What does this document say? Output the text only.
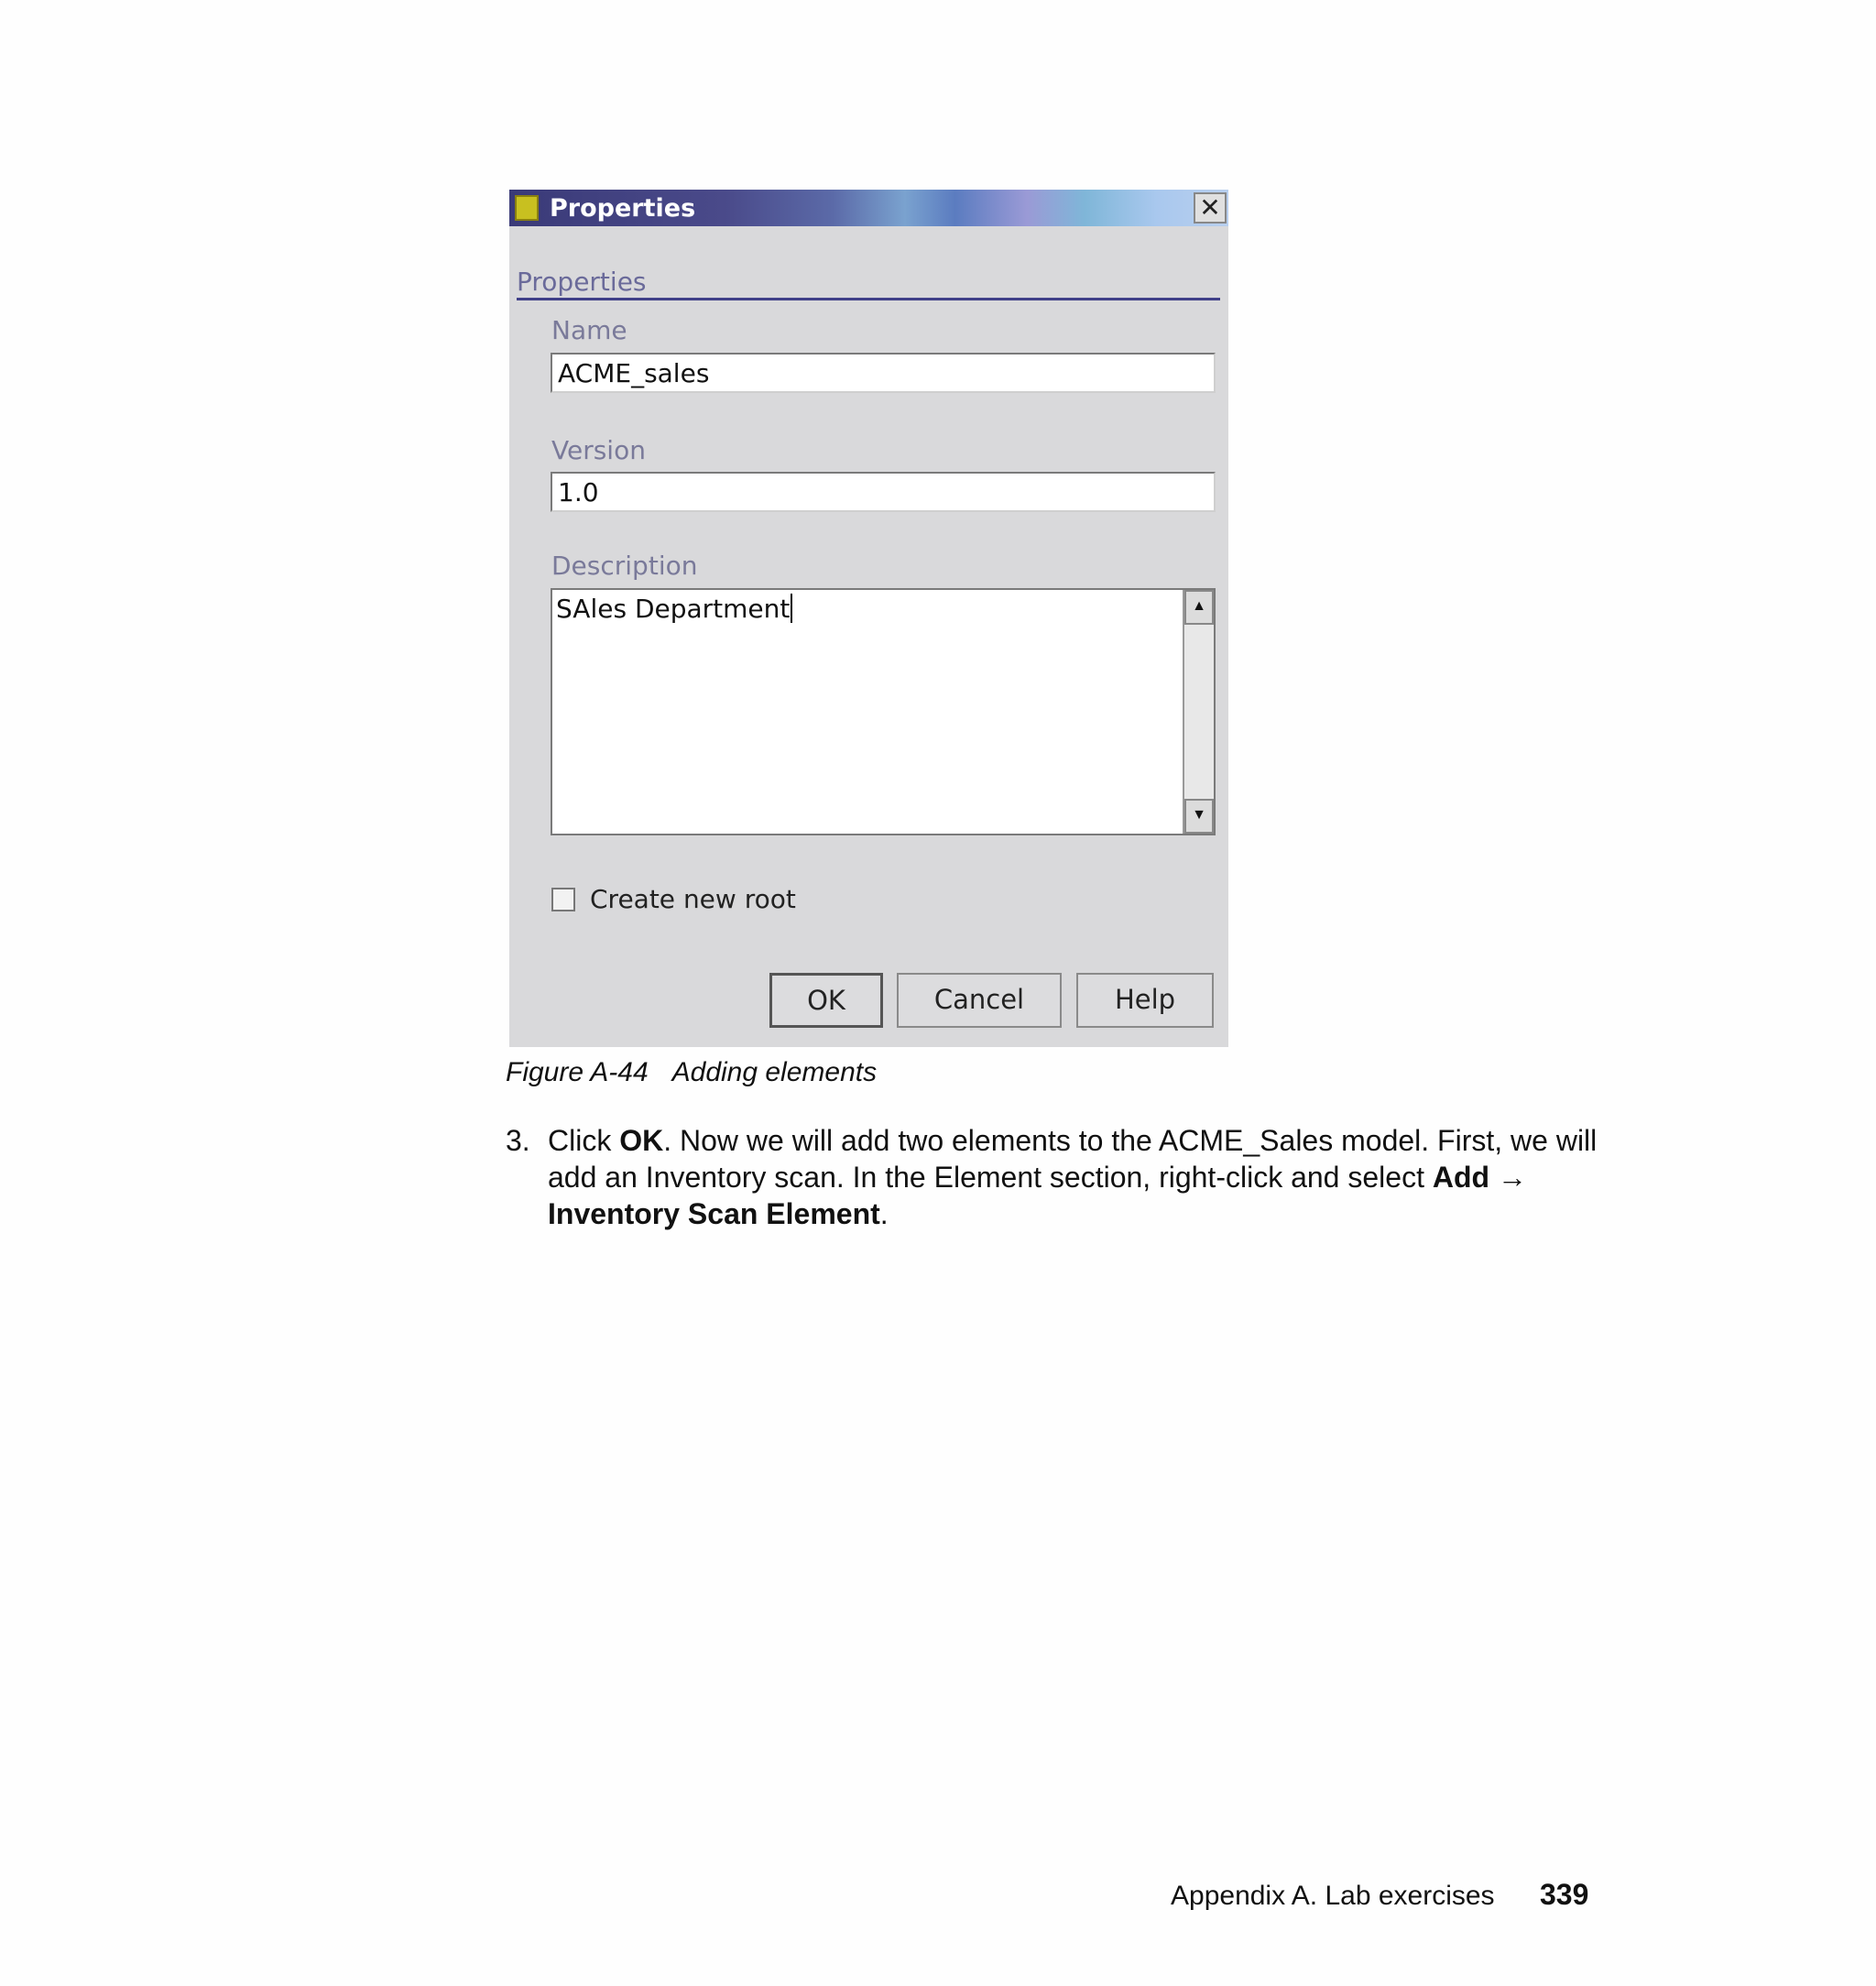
Properties	✕
Properties
Name
ACME_sales
Version
1.0
Description
SAles Department	▲
▼
Create new root
OK	Cancel	Help
Figure A-44 Adding elements
3. Click OK. Now we will add two elements to the ACME_Sales model. First, we will add an Inventory scan. In the Element section, right-click and select Add → Inventory Scan Element.
Appendix A. Lab exercises 339
